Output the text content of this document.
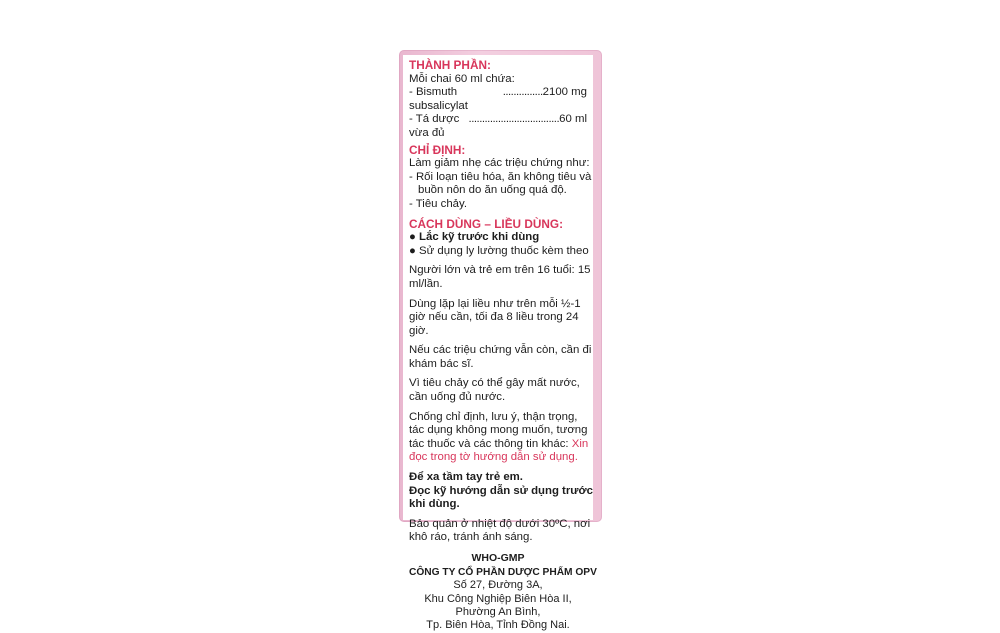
THÀNH PHẦN:
Mỗi chai 60 ml chứa:
- Bismuth subsalicylat
............... 2100 mg
- Tá dược vừa đủ
.................................. 60 ml
CHỈ ĐỊNH:
Làm giảm nhẹ các triệu chứng như:
- Rối loạn tiêu hóa, ăn không tiêu và buồn nôn do ăn uống quá độ.
- Tiêu chảy.
CÁCH DÙNG – LIỀU DÙNG:
● Lắc kỹ trước khi dùng
● Sử dụng ly lường thuốc kèm theo
Người lớn và trẻ em trên 16 tuổi: 15 ml/lần.
Dùng lặp lại liều như trên mỗi ½-1 giờ nếu cần, tối đa 8 liều trong 24 giờ.
Nếu các triệu chứng vẫn còn, cần đi khám bác sĩ.
Vì tiêu chảy có thể gây mất nước, cần uống đủ nước.
Chống chỉ định, lưu ý, thận trọng, tác dụng không mong muốn, tương tác thuốc và các thông tin khác: Xin đọc trong tờ hướng dẫn sử dụng.
Để xa tầm tay trẻ em.
Đọc kỹ hướng dẫn sử dụng trước khi dùng.
Bảo quản ở nhiệt độ dưới 30ºC, nơi khô ráo, tránh ánh sáng.
WHO-GMP
CÔNG TY CỔ PHẦN DƯỢC PHẨM OPV
Số 27, Đường 3A,
Khu Công Nghiệp Biên Hòa II,
Phường An Bình,
Tp. Biên Hòa, Tỉnh Đồng Nai.
